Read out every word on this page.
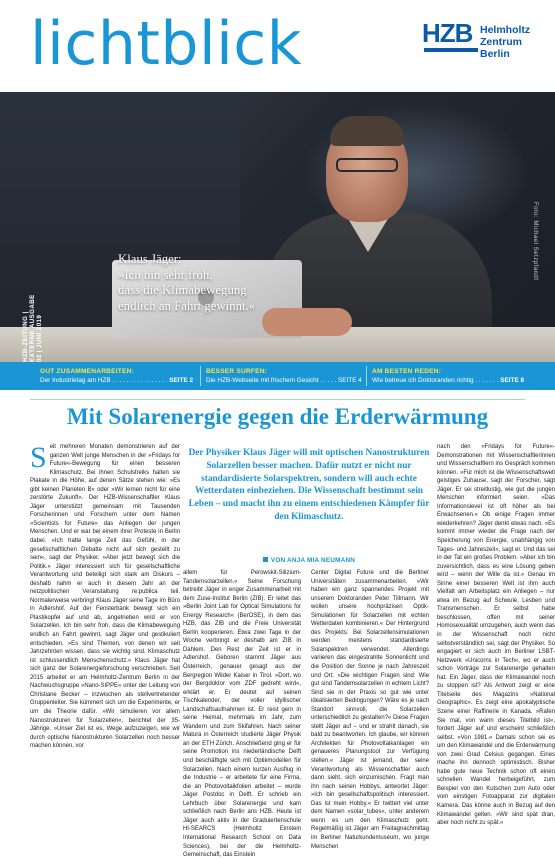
lichtblick	HZB Helmholtz
Zentrum Berlin
Foto: Michael Setzpfandt
HZB-ZEITUNG | EXTERNE AUSGABE 02 | JUNI 2019
Klaus Jäger:
»Ich bin sehr froh,
dass die Klimabewegung
endlich an Fahrt gewinnt.«
GUT ZUSAMMENARBEITEN:
Der Industrietag am HZB . . . . . . . . . . . . . . . . SEITE 2
BESSER SURFEN:
Die HZB-Webseite mit frischem Gesicht . . . . . SEITE 4
AM BESTEN REDEN:
Wie betreue ich Doktoranden richtig . . . . . . . SEITE 8
Mit Solarenergie gegen die Erderwärmung
S eit mehreren Monaten demonstrieren auf der ganzen Welt junge Menschen in der »Fridays for Future«-Bewegung für einen besseren Klimaschutz. Bei ihnen Schulstreiks halten sie Plakate in die Höhe, auf denen Sätze stehen wie: »Es gibt keinen Planeten B« oder »Wir lernen nicht für eine zerstörte Zukunft«. Der HZB-Wissenschaftler Klaus Jäger unterstützt gemeinsam mit Tausenden Forscherinnen und Forschern unter dem Namen »Scientists for Future« das Anliegen der jungen Menschen. Und er war bei einem ihrer Proteste in Berlin dabei. »Ich hatte lange Zeit das Gefühl, in der gesellschaftlichen Debatte nicht auf sich gestellt zu sein«, sagt der Physiker. »Aber jetzt bewegt sich die Politik.« Jäger interessiert sich für gesellschaftliche Verantwortung und beteiligt sich stark am Diskurs – deshalb nahm er auch in diesem Jahr an der netzpolitischen Veranstaltung re:publica teil. Normalerweise verbringt Klaus Jäger seine Tage im Büro in Adlershof. Auf der Fensterbank bewegt sich ein Plastikopfel auf und ab, angetrieben wird er von Solarzellen. Ich bin sehr froh, dass die Klimabewegung endlich an Fahrt gewinnt, sagt Jäger und gestikuliert entschieden. »Es sind Themen, von denen wir seit Jahrzehnten wissen, dass sie wichtig sind. Klimaschutz ist schlussendlich Menschenschutz.« Klaus Jäger hat sich ganz der Solarenergieforschung verschrieben. Seit 2015 arbeitet er am Helmholtz-Zentrum Berlin in der Nachwuchsgruppe »Nano-SIPPE« unter der Leitung von Christiane Becker – inzwischen als stellvertretender Gruppenleiter. Sie kümmert sich um die Experimente, er um die Theorie dafür. »Wir simulieren vor allem Nanostrukturen für Solarzellen«, berichtet der 35-Jährige. »Unser Ziel ist es, Wege aufzuzeigen, wie wir durch optische Nanostrukturen Solarzellen noch besser machen können, vor

Der Physiker Klaus Jäger will mit optischen Nanostrukturen Solarzellen besser machen. Dafür nutzt er nicht nur standardisierte Solarspektren, sondern will auch echte Wetterdaten einbeziehen. Die Wissenschaft bestimmt sein Leben – und macht ihn zu einem entschiedenen Kämpfer für den Klimaschutz.
VON ANJA MIA NEUMANN

allem für Perowskit-Silizium-Tandemsolarzellen.« Seine Forschung betreibt Jäger in enger Zusammenarbeit mit dem Zuse-Institut Berlin (ZIB). Er leitet das »Berlin Joint Lab for Optical Simulations for Energy Research« (BerOSE), in dem das HZB, das ZIB und die Freie Universität Berlin kooperieren. Etwa zwei Tage in der Woche verbringt er deshalb am ZIB in Dahlem. Den Rest der Zeit ist er in Adlershof. Geboren stammt Jäger aus Österreich, genauer gesagt aus der Bergregion Wilder Kaiser in Tirol. »Dort, wo der Bergdoktor vom ZDF gedreht wird«, erklärt er. Er deutet auf seinen Tischkalender, der voller idyllischer Landschaftsaufnahmen ist. Er reist gern in seine Heimat, mehrmals im Jahr, zum Wandern und zum Skifahren. Nach seiner Matura in Österreich studierte Jäger Physik an der ETH Zürich. Anschließend ging er für seine Promotion ins niederländische Delft und beschäftigte sich mit Optikmodellen für Solarzellen. Nach einem kurzen Ausflug in die Industrie – er arbeitete für eine Firma, die an Photovoltaikfolien arbeitet – wurde Jäger Postdoc in Delft. Er schrieb ein Lehrbuch über Solarenergie und kam schließlich nach Berlin ans HZB. Heute ist Jäger auch aktiv in der Graduiertenschule HI-SEARCS (Helmholtz Einstein International Research School on Data Sciences), bei der die Helmholtz-Gemeinschaft, das Einstein

Center Digital Future und die Berliner Universitäten zusammenarbeiten. »Wir haben ein ganz spannendes Projekt mit unserem Doktoranden Peter Tillmann. Wir wollen unsere hochpräzisen Optik-Simulationen für Solarzellen mit echten Wetterdaten kombinieren.« Der Hintergrund des Projekts: Bei Solarzellensimulationen werden meistens standardisierte Solarspektren verwendet. Allerdings variieren das eingestrahlte Sonnenlicht und die Position der Sonne je nach Jahreszeit und Ort. »Die wichtigen Fragen sind: Wie gut sind Tandemsolarzellen in echtem Licht? Sind sie in der Praxis so gut wie unter idealisierten Bedingungen? Wäre es je nach Standort sinnvoll, die Solarzellen unterschiedlich zu gestalten?« Diese Fragen stellt Jäger auf – und er strahlt danach, sie bald zu beantworten. Ich glaube, wir können Architekten für Photovoltaikanlagen ein genaueres Planungstool zur Verfügung stellen.« Jäger ist jemand, der seine Verantwortung als Wissenschaftler auch dann sieht, sich einzumischen. Fragt man ihn nach seinen Hobbys, antwortet Jäger: »Ich bin gesellschaftspolitisch interessiert. Das ist mein Hobby.« Er twittert viel unter dem Namen »solar_tubes«, unter anderem wenn es um den Klimaschutz geht. Regelmäßig ist Jäger am Freitagnachmittag im Berliner Naturkundemuseum, wo junge Menschen

nach den »Fridays for Future«-Demonstrationen mit Wissenschaftlerinnen und Wissenschaftlern ins Gespräch kommen können. »Für mich ist die Wissenschaftswelt geistiges Zuhause, sagt der Forscher, sagt Jäger. Er sei streitlustig, wie gut die jungen Menschen informiert seien. »Das Informationslevel ist oft höher als bei Erwachsenen.« Ob einige Fragen immer wiederkehren? Jäger denkt etwas nach. »Es kommt immer wieder die Frage nach der Speicherung von Energie, unabhängig von Tages- und Jahreszeit«, sagt er. Und das sei in der Tat ein großes Problem. »Aber ich bin zuversichtlich, dass es eine Lösung geben wird – wenn der Wille da ist.« Genau im Sinne einer besseren Welt ist ihm auch Vielfalt am Arbeitsplatz ein Anliegen – nur etwa im Bezug auf Schwule, Lesben und Transmenschen. Er selbst habe beschlossen, offen mit seiner Homosexualität umzugehen, auch wenn das in der Wissenschaft noch nicht selbstverständlich sei, sagt der Physiker. So engagiert er sich auch im Berliner LSBT-Netzwerk »Unicorns in Tech«, wo er auch schon Vorträge zur Solarenergie gehalten hat. Ein Jäger, dass der Klimawandel noch zu stoppen ist? Als Antwort zeigt er eine Titelseite des Magazins »National Geographic«. Es zeigt eine apokalyptische Szene einer Raffinerie in Kanada. »Rafen Sie mal, von wann dieses Titelbild ist«, fordert Jäger auf und erscheint schließlich selbst. »Von 1981.« Damals schon sei es um den Klimawandel und die Erderwärmung von zwei Grad Celsius gegangen. Eines mache ihn dennoch optimistisch. Bisher habe gute neue Technik schon oft einen schnellen Wandel herbeigeführt, zum Beispiel von den Kutschen zum Auto oder vom einstigen Fotoapparat zur digitalen Kamera. Das könne auch in Bezug auf den Klimawandel gelten. »Wir sind spät dran, aber noch nicht zu spät.«
